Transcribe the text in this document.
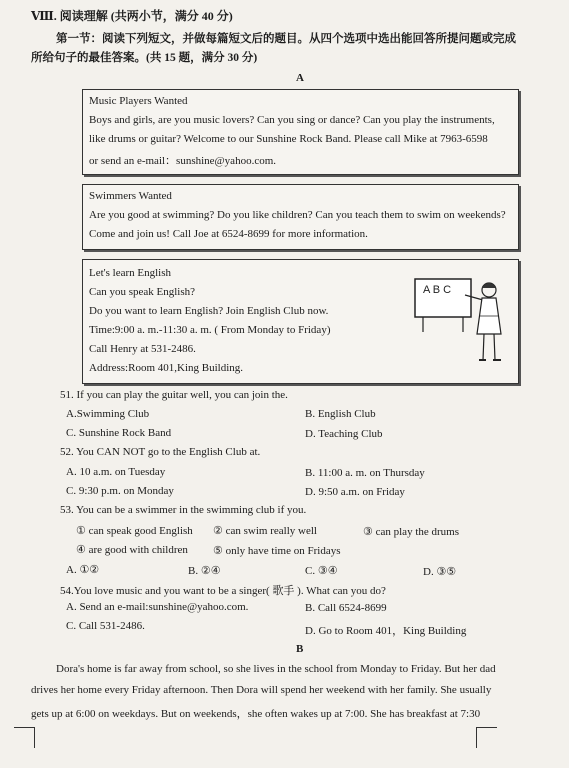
Ⅷ. 阅读理解 (共两小节，满分 40 分)
第一节：阅读下列短文，并做每篇短文后的题目。从四个选项中选出能回答所提问题或完成
所给句子的最佳答案。(共 15 题，满分 30 分)
A
Music Players Wanted
Boys and girls, are you music lovers? Can you sing or dance? Can you play the instruments,
like drums or guitar? Welcome to our Sunshine Rock Band. Please call Mike at 7963-6598
or send an e-mail：sunshine@yahoo.com.
Swimmers Wanted
Are you good at swimming? Do you like children? Can you teach them to swim on weekends?
Come and join us! Call Joe at 6524-8699 for more information.
Let's learn English
Can you speak English?
Do you want to learn English? Join English Club now.
Time:9:00 a. m.-11:30 a. m. ( From Monday to Friday)
Call Henry at 531-2486.
Address:Room 401,King Building.
A B C
51. If you can play the guitar well, you can join the.
A.Swimming Club	B. English Club
C. Sunshine Rock Band	D. Teaching Club
52. You CAN NOT go to the English Club at.
A. 10 a.m. on Tuesday	B. 11:00 a. m. on Thursday
C. 9:30 p.m. on Monday	D. 9:50 a.m. on Friday
53. You can be a swimmer in the swimming club if you.
① can speak good English ② can swim really well	③ can play the drums
④ are good with children ⑤ only have time on Fridays
A. ①②	B. ②④	C. ③④	D. ③⑤
54.You love music and you want to be a singer( 歌手 ). What can you do?
A. Send an e-mail:sunshine@yahoo.com.	B. Call 6524-8699
C. Call 531-2486.	D. Go to Room 401，King Building
B
Dora's home is far away from school, so she lives in the school from Monday to Friday. But her dad
drives her home every Friday afternoon. Then Dora will spend her weekend with her family. She usually
gets up at 6:00 on weekdays. But on weekends，she often wakes up at 7:00. She has breakfast at 7:30
